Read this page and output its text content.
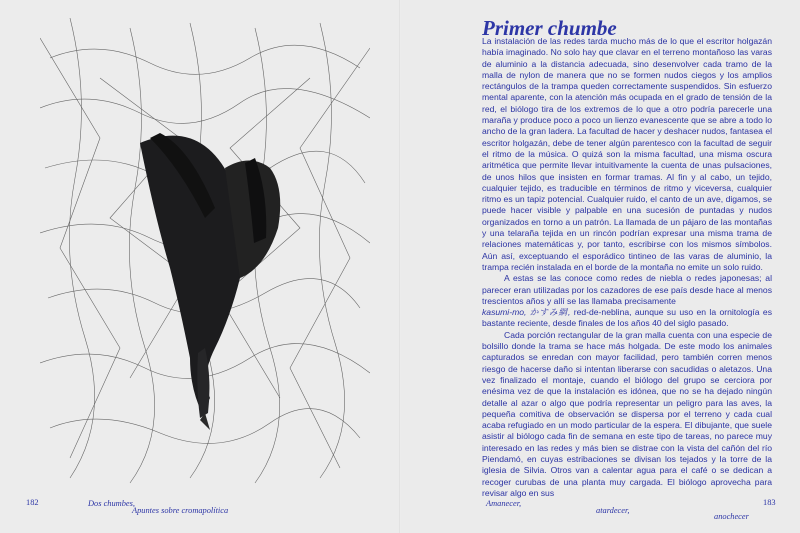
182	Dos chumbes,
Apuntes sobre cromapolítica
Primer chumbe

La instalación de las redes tarda mucho más de lo que el escritor holgazán había imaginado. No solo hay que clavar en el terreno montañoso las varas de aluminio a la distancia adecuada, sino desenvolver cada tramo de la malla de nylon de manera que no se formen nudos ciegos y los amplios rectángulos de la trampa queden correctamente suspendidos. Sin esfuerzo mental aparente, con la atención más ocupada en el grado de tensión de la red, el biólogo tira de los extremos de lo que a otro podría parecerle una maraña y produce poco a poco un lienzo evanescente que se abre a todo lo ancho de la gran ladera. La facultad de hacer y deshacer nudos, fantasea el escritor holgazán, debe de tener algún parentesco con la facultad de seguir el ritmo de la música. O quizá son la misma facultad, una misma oscura aritmética que permite llevar intuitivamente la cuenta de unas pulsaciones, de unos hilos que insisten en formar tramas. Al fin y al cabo, un tejido, cualquier tejido, es traducible en términos de ritmo y viceversa, cualquier ritmo es un tapiz potencial. Cualquier ruido, el canto de un ave, digamos, se puede hacer visible y palpable en una sucesión de puntadas y nudos organizados en torno a un patrón. La llamada de un pájaro de las montañas y una telaraña tejida en un rincón podrían expresar una misma trama de relaciones matemáticas y, por tanto, escribirse con los mismos símbolos. Aún así, exceptuando el esporádico tintineo de las varas de aluminio, la trampa recién instalada en el borde de la montaña no emite un solo ruido.

A estas se las conoce como redes de niebla o redes japonesas; al parecer eran utilizadas por los cazadores de ese país desde hace al menos trescientos años y allí se las llamaba precisamente

kasumi-mo, かすみ網, red-de-neblina, aunque su uso en la ornitología es bastante reciente, desde finales de los años 40 del siglo pasado.

Cada porción rectangular de la gran malla cuenta con una especie de bolsillo donde la trama se hace más holgada. De este modo los animales capturados se enredan con mayor facilidad, pero también corren menos riesgo de hacerse daño si intentan liberarse con sacudidas o aletazos. Una vez finalizado el montaje, cuando el biólogo del grupo se cerciora por enésima vez de que la instalación es idónea, que no se ha dejado ningún detalle al azar o algo que podría representar un peligro para las aves, la pequeña comitiva de observación se dispersa por el terreno y cada cual acaba refugiado en un modo particular de la espera. El dibujante, que suele asistir al biólogo cada fin de semana en este tipo de tareas, no parece muy interesado en las redes y más bien se distrae con la vista del cañón del río Piendamó, en cuyas estribaciones se divisan los tejados y la torre de la iglesia de Silvia. Otros van a calentar agua para el café o se dedican a recoger curubas de una planta muy cargada. El biólogo aprovecha para revisar algo en sus

Amanecer,
atardecer,
anochecer
183
